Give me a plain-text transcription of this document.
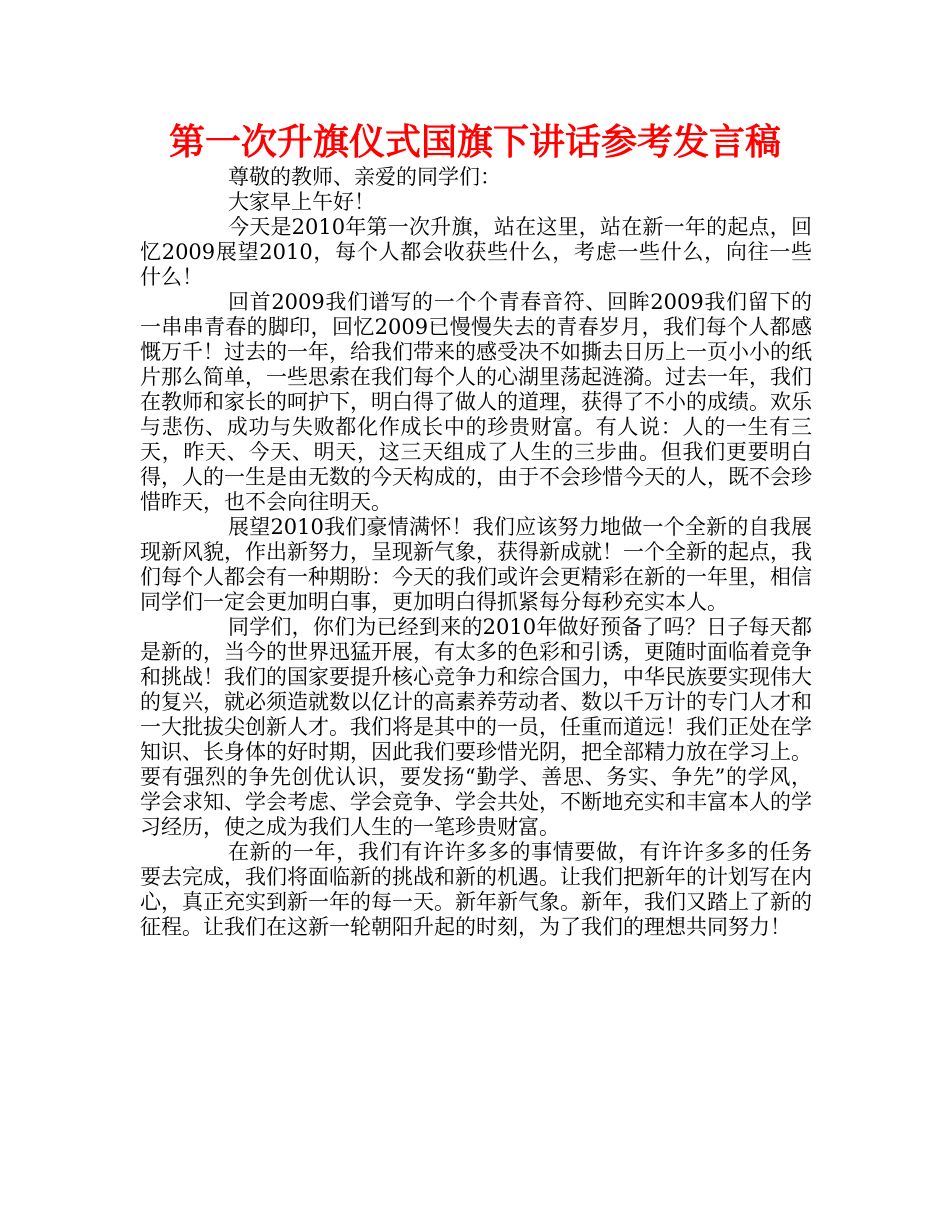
第一次升旗仪式国旗下讲话参考发言稿

尊敬的教师、亲爱的同学们：

大家早上午好！

今天是2010年第一次升旗，站在这里，站在新一年的起点，回忆2009展望2010，每个人都会收获些什么，考虑一些什么，向往一些什么！

回首2009我们谱写的一个个青春音符、回眸2009我们留下的一串串青春的脚印，回忆2009已慢慢失去的青春岁月，我们每个人都感慨万千！过去的一年，给我们带来的感受决不如撕去日历上一页小小的纸片那么简单，一些思索在我们每个人的心湖里荡起涟漪。过去一年，我们在教师和家长的呵护下，明白得了做人的道理，获得了不小的成绩。欢乐与悲伤、成功与失败都化作成长中的珍贵财富。有人说：人的一生有三天，昨天、今天、明天，这三天组成了人生的三步曲。但我们更要明白得，人的一生是由无数的今天构成的，由于不会珍惜今天的人，既不会珍惜昨天，也不会向往明天。

展望2010我们豪情满怀！我们应该努力地做一个全新的自我展现新风貌，作出新努力，呈现新气象，获得新成就！一个全新的起点，我们每个人都会有一种期盼：今天的我们或许会更精彩在新的一年里，相信同学们一定会更加明白事，更加明白得抓紧每分每秒充实本人。

同学们，你们为已经到来的2010年做好预备了吗？日子每天都是新的，当今的世界迅猛开展，有太多的色彩和引诱，更随时面临着竞争和挑战！我们的国家要提升核心竞争力和综合国力，中华民族要实现伟大的复兴，就必须造就数以亿计的高素养劳动者、数以千万计的专门人才和一大批拔尖创新人才。我们将是其中的一员，任重而道远！我们正处在学知识、长身体的好时期，因此我们要珍惜光阴，把全部精力放在学习上。要有强烈的争先创优认识，要发扬“勤学、善思、务实、争先”的学风，学会求知、学会考虑、学会竞争、学会共处，不断地充实和丰富本人的学习经历，使之成为我们人生的一笔珍贵财富。

在新的一年，我们有许许多多的事情要做，有许许多多的任务要去完成，我们将面临新的挑战和新的机遇。让我们把新年的计划写在内心，真正充实到新一年的每一天。新年新气象。新年，我们又踏上了新的征程。让我们在这新一轮朝阳升起的时刻，为了我们的理想共同努力！
